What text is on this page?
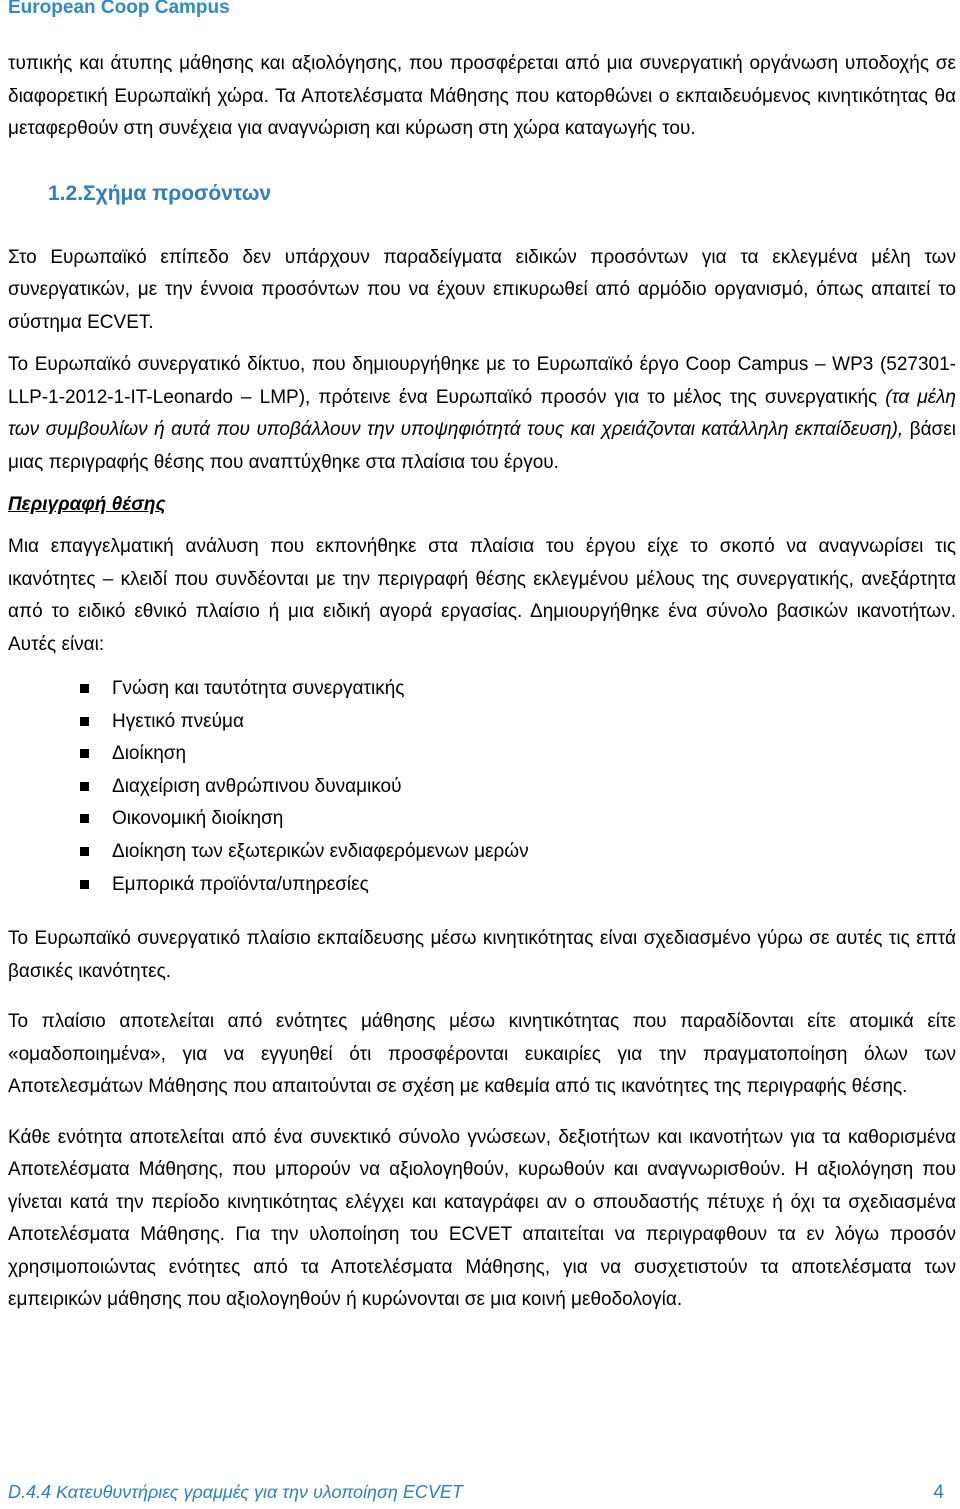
European Coop Campus

τυπικής και άτυπης μάθησης και αξιολόγησης, που προσφέρεται από μια συνεργατική οργάνωση υποδοχής σε διαφορετική Ευρωπαϊκή χώρα. Τα Αποτελέσματα Μάθησης που κατορθώνει ο εκπαιδευόμενος κινητικότητας θα μεταφερθούν στη συνέχεια για αναγνώριση και κύρωση στη χώρα καταγωγής του.

1.2.Σχήμα προσόντων

Στο Ευρωπαϊκό επίπεδο δεν υπάρχουν παραδείγματα ειδικών προσόντων για τα εκλεγμένα μέλη των συνεργατικών, με την έννοια προσόντων που να έχουν επικυρωθεί από αρμόδιο οργανισμό, όπως απαιτεί το σύστημα ECVET.

Το Ευρωπαϊκό συνεργατικό δίκτυο, που δημιουργήθηκε με το Ευρωπαϊκό έργο Coop Campus – WP3 (527301-LLP-1-2012-1-IT-Leonardo – LMP), πρότεινε ένα Ευρωπαϊκό προσόν για το μέλος της συνεργατικής (τα μέλη των συμβουλίων ή αυτά που υποβάλλουν την υποψηφιότητά τους και χρειάζονται κατάλληλη εκπαίδευση), βάσει μιας περιγραφής θέσης που αναπτύχθηκε στα πλαίσια του έργου.

Περιγραφή θέσης

Μια επαγγελματική ανάλυση που εκπονήθηκε στα πλαίσια του έργου είχε το σκοπό να αναγνωρίσει τις ικανότητες – κλειδί που συνδέονται με την περιγραφή θέσης εκλεγμένου μέλους της συνεργατικής, ανεξάρτητα από το ειδικό εθνικό πλαίσιο ή μια ειδική αγορά εργασίας. Δημιουργήθηκε ένα σύνολο βασικών ικανοτήτων. Αυτές είναι:

Γνώση και ταυτότητα συνεργατικής
Ηγετικό πνεύμα
Διοίκηση
Διαχείριση ανθρώπινου δυναμικού
Οικονομική διοίκηση
Διοίκηση των εξωτερικών ενδιαφερόμενων μερών
Εμπορικά προϊόντα/υπηρεσίες

Το Ευρωπαϊκό συνεργατικό πλαίσιο εκπαίδευσης μέσω κινητικότητας είναι σχεδιασμένο γύρω σε αυτές τις επτά βασικές ικανότητες.

Το πλαίσιο αποτελείται από ενότητες μάθησης μέσω κινητικότητας που παραδίδονται είτε ατομικά είτε «ομαδοποιημένα», για να εγγυηθεί ότι προσφέρονται ευκαιρίες για την πραγματοποίηση όλων των Αποτελεσμάτων Μάθησης που απαιτούνται σε σχέση με καθεμία από τις ικανότητες της περιγραφής θέσης.

Κάθε ενότητα αποτελείται από ένα συνεκτικό σύνολο γνώσεων, δεξιοτήτων και ικανοτήτων για τα καθορισμένα Αποτελέσματα Μάθησης, που μπορούν να αξιολογηθούν, κυρωθούν και αναγνωρισθούν. Η αξιολόγηση που γίνεται κατά την περίοδο κινητικότητας ελέγχει και καταγράφει αν ο σπουδαστής πέτυχε ή όχι τα σχεδιασμένα Αποτελέσματα Μάθησης. Για την υλοποίηση του ECVET απαιτείται να περιγραφθουν τα εν λόγω προσόν χρησιμοποιώντας ενότητες από τα Αποτελέσματα Μάθησης, για να συσχετιστούν τα αποτελέσματα των εμπειρικών μάθησης που αξιολογηθούν ή κυρώνονται σε μια κοινή μεθοδολογία.

D.4.4 Κατευθυντήριες γραμμές για την υλοποίηση ECVET	4
